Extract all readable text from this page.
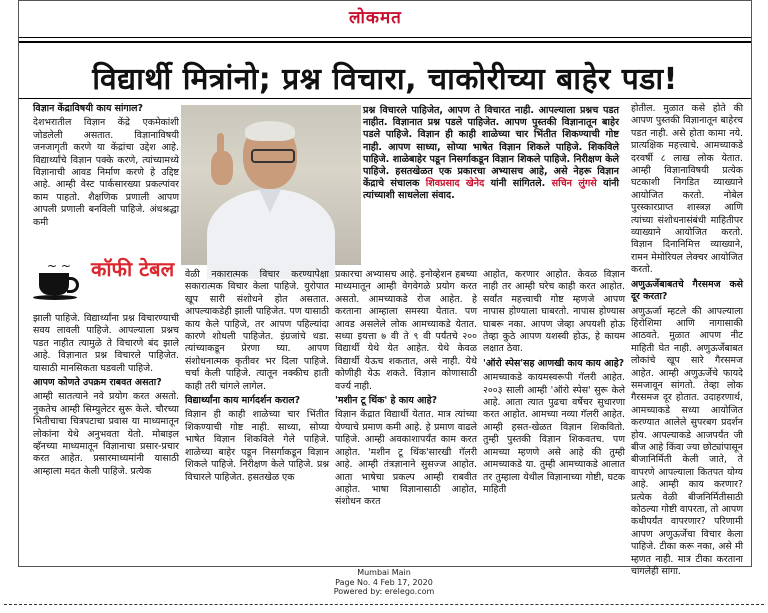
लोकमत
विद्यार्थी मित्रांनो; प्रश्न विचारा, चाकोरीच्या बाहेर पडा!

विज्ञान केंद्राविषयी काय सांगाल?

देशभरातील विज्ञान केंद्रे एकमेकांशी जोडलेली असतात. विज्ञानाविषयी जनजागृती करणे या केंद्रांचा उद्देश आहे. विद्यार्थ्यांचे विज्ञान पक्के करणे, त्यांच्यामध्ये विज्ञानाची आवड निर्माण करणे हे उद्दिष्ट आहे. आम्ही वेस्ट पार्कसारख्या प्रकल्पांवर काम पाहतो. शैक्षणिक प्रणाली आपण आपली प्रणाली बनविली पाहिजे. अंधश्रद्धा कमी

~ ~ कॉफी टेबल

झाली पाहिजे. विद्यार्थ्यांना प्रश्न विचारण्याची सवय लावली पाहिजे. आपल्याला प्रश्नच पडत नाहीत त्यामुळे ते विचारणे बंद झाले आहे. विज्ञानात प्रश्न विचारले पाहिजेत. यासाठी मानसिकता घडवली पाहिजे.

आपण कोणते उपक्रम राबवत असता?

आम्ही सातत्याने नवे प्रयोग करत असतो. नुकतेच आम्ही सिम्युलेटर सुरू केले. चौरच्या भितीचाचा चित्रपटाचा प्रवास या माध्यमातून लोकांना येथे अनुभवता येतो. मोबाइल व्हॅनच्या माध्यमातून विज्ञानाचा प्रसार-प्रचार करत आहेत. प्रसारमाध्यमांनी यासाठी आम्हाला मदत केली पाहिजे. प्रत्येक

प्रश्न विचारले पाहिजेत, आपण ते विचारत नाही. आपल्याला प्रश्नच पडत नाहीत. विज्ञानात प्रश्न पडले पाहिजेत. आपण पुस्तकी विज्ञानातून बाहेर पडले पाहिजे. विज्ञान ही काही शाळेच्या चार भिंतीत शिकण्याची गोष्ट नाही. आपण साध्या, सोप्या भाषेत विज्ञान शिकले पाहिजे. शिकविले पाहिजे. शाळेबाहेर पडून निसर्गाकडून विज्ञान शिकले पाहिजे. निरीक्षण केले पाहिजे. हसतखेळत एक प्रकारचा अभ्यासच आहे, असे नेहरू विज्ञान केंद्राचे संचालक शिवप्रसाद खेनेद यांनी सांगितले. सचिन लुंगसे यांनी त्यांच्याशी साधलेला संवाद.

वेळी नकारात्मक विचार करण्यापेक्षा सकारात्मक विचार केला पाहिजे. युरोपात खूप सारी संशोधने होत असतात. आपल्याकडेही झाली पाहिजेत. पण यासाठी काय केले पाहिजे, तर आपण पहिल्यांदा कारणे शोधली पाहिजेत. इंग्रजांचे धडा. त्यांच्याकडून प्रेरणा घ्या. आपण संशोधनात्मक कृतीवर भर दिला पाहिजे. चर्चा केली पाहिजे. त्यातून नक्कीच हाती काही तरी चांगले लागेल.

विद्यार्थ्यांना काय मार्गदर्शन कराल?

विज्ञान ही काही शाळेच्या चार भिंतीत शिकण्याची गोष्ट नाही. साध्या, सोप्या भाषेत विज्ञान शिकविले गेले पाहिजे. शाळेच्या बाहेर पडून निसर्गाकडून विज्ञान शिकले पाहिजे. निरीक्षण केले पाहिजे. प्रश्न विचारले पाहिजेत. हसतखेळ एक

प्रकारचा अभ्यासच आहे. इनोव्हेशन हबच्या माध्यमातून आम्ही वेगवेगळे प्रयोग करत असतो. आमच्याकडे रोज आहेत. हे करताना आम्हाला समस्या येतात. पण आवड असलेले लोक आमच्याकडे येतात. सध्या इयत्ता ७ वी ते ९ वी पर्यंतचे २०० विद्यार्थी येथे येत आहेत. येथे केवळ विद्यार्थी येऊच शकतात, असे नाही. येथे कोणीही येऊ शकते. विज्ञान कोणासाठी वर्ज्य नाही.

'मशीन टू थिंक' हे काय आहे?

विज्ञान केंद्रात विद्यार्थी येतात. मात्र त्यांच्या येण्याचे प्रमाण कमी आहे. हे प्रमाण वाढले पाहिजे. आम्ही अवकाशापर्यंत काम करत आहोत. 'मशीन टू थिंक'सारखी गॅलरी आहे. आम्ही तंत्रज्ञानाने सुसज्ज आहोत. आता भाषेचा प्रकल्प आम्ही राबवीत आहोत. भाषा विज्ञानासाठी आहोत, संशोधन करत

आहोत, करणार आहोत. केवळ विज्ञान नाही तर आम्ही घरेच काही करत आहोत. सर्वांत महत्त्वाची गोष्ट म्हणजे आपण नापास होण्याला घाबरतो. नापास होण्यास घाबरू नका. आपण जेव्हा अपयशी होऊ तेव्हा कुठे आपण यशस्वी होऊ, हे कायम लक्षात ठेवा.

'ऑरो स्पेस'सह आणखी काय काय आहे?

आमच्याकडे कायमस्वरूपी गॅलरी आहेत. २००३ साली आम्ही 'ऑरो स्पेस' सुरू केले आहे. आता त्यात पुढचा वर्षेचर सुधारणा करत आहोत. आमच्या नव्या गॅलरी आहेत. आम्ही हसत-खेळत विज्ञान शिकवितो. तुम्ही पुस्तकी विज्ञान शिकवतच. पण आमच्या म्हणणे असे आहे की तुम्ही आमच्याकडे या. तुम्ही आमच्याकडे आलात तर तुम्हाला येथील विज्ञानाच्या गोष्टी, घटक माहिती

होतील. मुळात कसे होते की आपण पुस्तकी विज्ञानातून बाहेरच पडत नाही. असे होता कामा नये. प्रात्यक्षिक महत्त्वाचे. आमच्याकडे दरवर्षी ८ लाख लोक येतात. आम्ही विज्ञानाविषयी प्रत्येक घटकाशी निगडित व्याख्याने आयोजित करतो. नोबेल पुरस्कारप्राप्त शास्त्रज्ञ आणि त्यांच्या संशोधनासंबंधी माहितीपर व्याख्याने आयोजित करतो. विज्ञान दिनानिमित्त व्याख्याने, रामन मेमोरियल लेक्चर आयोजित करतो.

अणुऊर्जेबाबतचे गैरसमज कसे दूर करता?

अणुऊर्जा म्हटले की आपल्याला हिरोशिमा आणि नागासाकी आठवते. मुळात आपण नीट माहिती घेत नाही. अणुऊर्जेबाबत लोकांचे खूप सारे गैरसमज आहेत. आम्ही अणुऊर्जेचे फायदे समजावून सांगतो. तेव्हा लोक गैरसमज दूर होतात. उदाहरणार्थ, आमच्याकडे सध्या आयोजित करण्यात आलेले सुपरबग प्रदर्शन होय. आपल्याकडे आजपर्यंत जी बीज आहे किंवा ज्या छोट्यांपासून बीजानिर्मिती केली जाते, ते वापरणे आपल्याला कितपत योग्य आहे. आम्ही काय करणार? प्रत्येक वेळी बीजनिर्मितीसाठी कोठल्या गोष्टी वापरता, तो आपण कधीपर्यंत वापरणार? परिणामी आपण अणुऊर्जेचा विचार केला पाहिजे. टीका करू नका, असे मी म्हणत नाही. मात्र टीका करताना चांगलेही सांगा.

Mumbai Main
Page No. 4 Feb 17, 2020
Powered by: erelego.com
